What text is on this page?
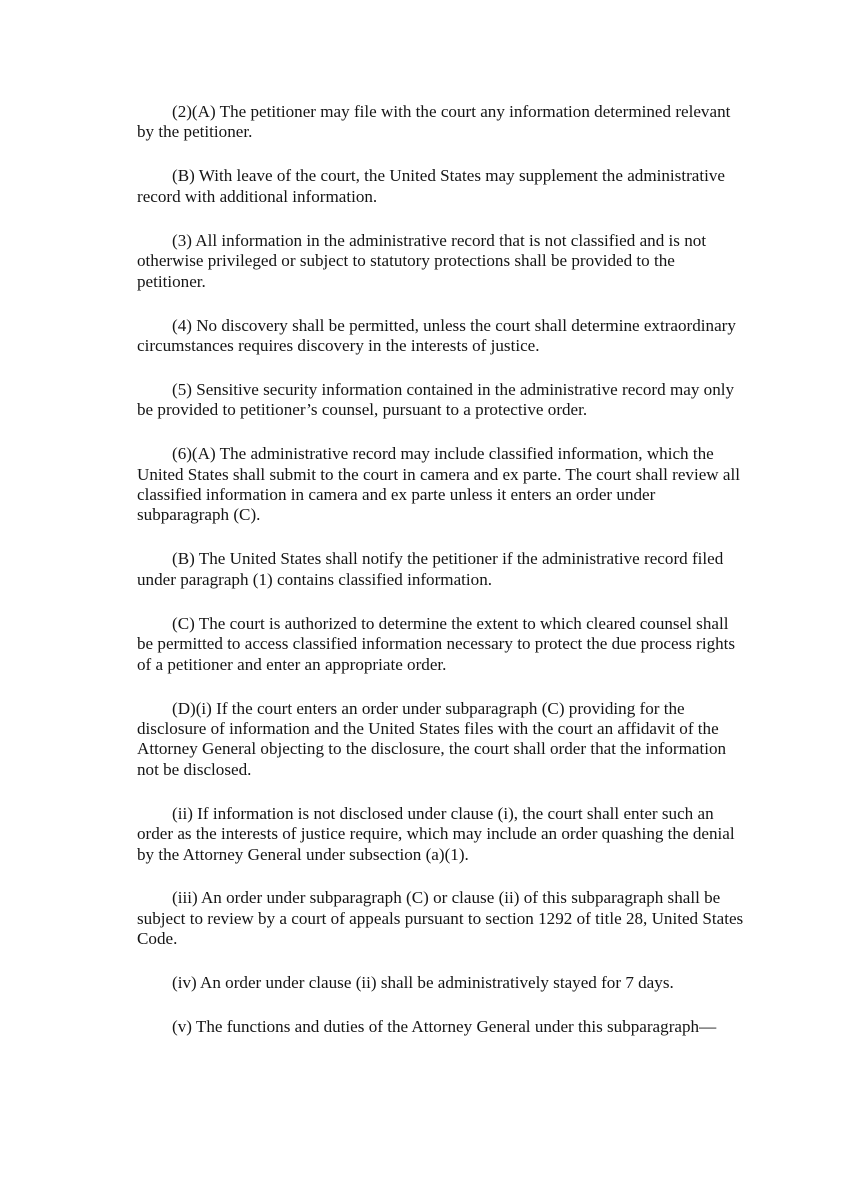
(2)(A) The petitioner may file with the court any information determined relevant
by the petitioner.
(B) With leave of the court, the United States may supplement the administrative
record with additional information.
(3) All information in the administrative record that is not classified and is not
otherwise privileged or subject to statutory protections shall be provided to the
petitioner.
(4) No discovery shall be permitted, unless the court shall determine extraordinary
circumstances requires discovery in the interests of justice.
(5) Sensitive security information contained in the administrative record may only
be provided to petitioner’s counsel, pursuant to a protective order.
(6)(A) The administrative record may include classified information, which the
United States shall submit to the court in camera and ex parte. The court shall review all
classified information in camera and ex parte unless it enters an order under
subparagraph (C).
(B) The United States shall notify the petitioner if the administrative record filed
under paragraph (1) contains classified information.
(C) The court is authorized to determine the extent to which cleared counsel shall
be permitted to access classified information necessary to protect the due process rights
of a petitioner and enter an appropriate order.
(D)(i) If the court enters an order under subparagraph (C) providing for the
disclosure of information and the United States files with the court an affidavit of the
Attorney General objecting to the disclosure, the court shall order that the information
not be disclosed.
(ii) If information is not disclosed under clause (i), the court shall enter such an
order as the interests of justice require, which may include an order quashing the denial
by the Attorney General under subsection (a)(1).
(iii) An order under subparagraph (C) or clause (ii) of this subparagraph shall be
subject to review by a court of appeals pursuant to section 1292 of title 28, United States
Code.
(iv) An order under clause (ii) shall be administratively stayed for 7 days.
(v) The functions and duties of the Attorney General under this subparagraph—
